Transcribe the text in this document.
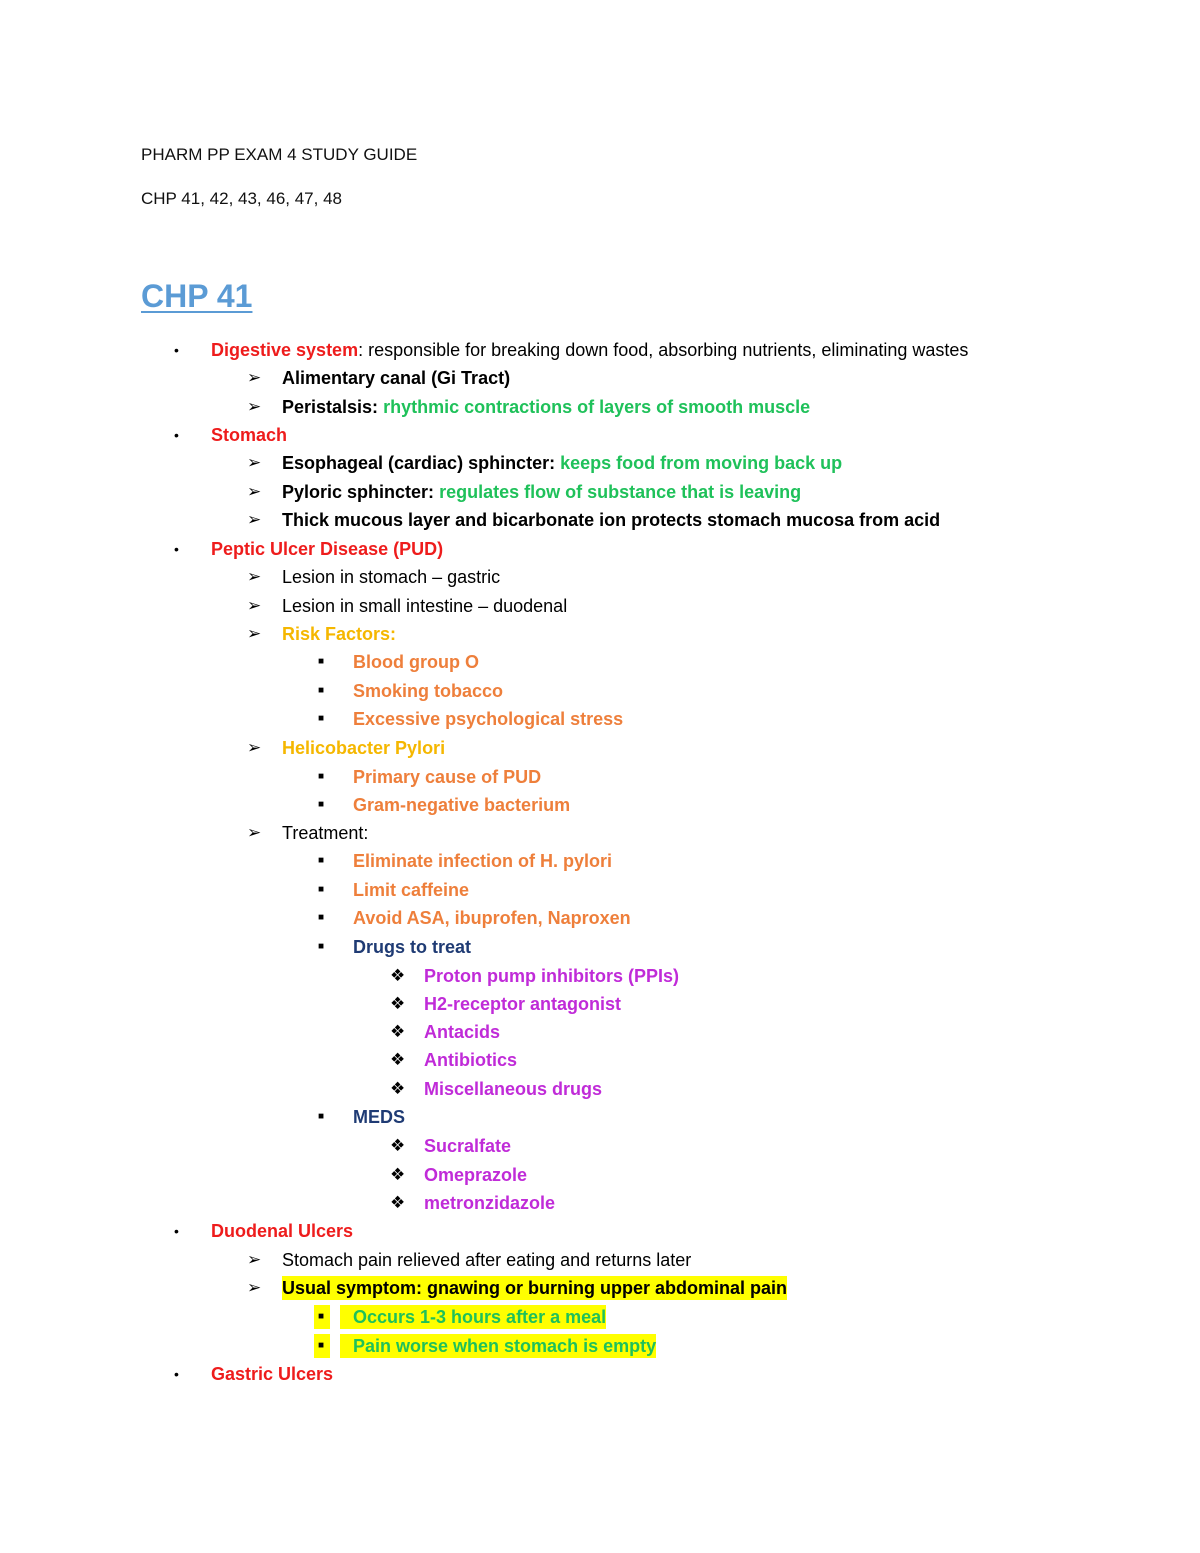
PHARM PP EXAM 4 STUDY GUIDE
CHP 41, 42, 43, 46, 47, 48
CHP 41
• Digestive system: responsible for breaking down food, absorbing nutrients, eliminating wastes
➢ Alimentary canal (Gi Tract)
➢ Peristalsis: rhythmic contractions of layers of smooth muscle
• Stomach
➢ Esophageal (cardiac) sphincter: keeps food from moving back up
➢ Pyloric sphincter: regulates flow of substance that is leaving
➢ Thick mucous layer and bicarbonate ion protects stomach mucosa from acid
• Peptic Ulcer Disease (PUD)
➢ Lesion in stomach – gastric
➢ Lesion in small intestine – duodenal
➢ Risk Factors:
■ Blood group O
■ Smoking tobacco
■ Excessive psychological stress
➢ Helicobacter Pylori
■ Primary cause of PUD
■ Gram-negative bacterium
➢ Treatment:
■ Eliminate infection of H. pylori
■ Limit caffeine
■ Avoid ASA, ibuprofen, Naproxen
■ Drugs to treat
❖ Proton pump inhibitors (PPIs)
❖ H2-receptor antagonist
❖ Antacids
❖ Antibiotics
❖ Miscellaneous drugs
■ MEDS
❖ Sucralfate
❖ Omeprazole
❖ metronzidazole
• Duodenal Ulcers
➢ Stomach pain relieved after eating and returns later
➢ Usual symptom: gnawing or burning upper abdominal pain
■	Occurs 1-3 hours after a meal
■	Pain worse when stomach is empty
• Gastric Ulcers
